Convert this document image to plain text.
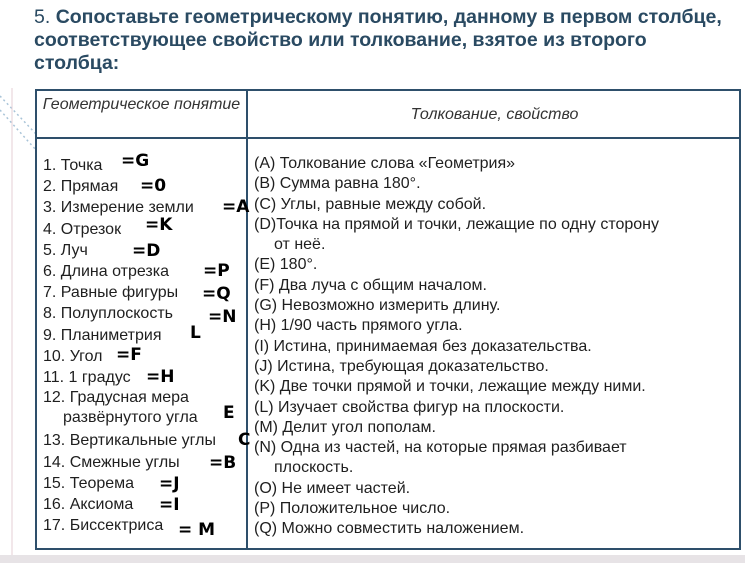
5. Сопоставьте геометрическому понятию, данному в первом столбце, соответствующее свойство или толкование, взятое из второго столбца:
Геометрическое понятие
Толкование, свойство
1. Точка
2. Прямая
3. Измерение земли
4. Отрезок
5. Луч
6. Длина отрезка
7. Равные фигуры
8. Полуплоскость
9. Планиметрия
10. Угол
11. 1 градус
12. Градусная мера
развёрнутого угла
13. Вертикальные углы
14. Смежные углы
15. Теорема
16. Аксиома
17. Биссектриса
(A) Толкование слова «Геометрия»
(B) Сумма равна 180°.
(C) Углы, равные между собой.
(D)Точка на прямой и точки, лежащие по одну сторону
от неё.
(E) 180°.
(F) Два луча с общим началом.
(G) Невозможно измерить длину.
(H) 1/90 часть прямого угла.
(I) Истина, принимаемая без доказательства.
(J) Истина, требующая доказательство.
(K) Две точки прямой и точки, лежащие между ними.
(L) Изучает свойства фигур на плоскости.
(M) Делит угол пополам.
(N) Одна из частей, на которые прямая разбивает
плоскость.
(O) Не имеет частей.
(P) Положительное число.
(Q) Можно совместить наложением.
=G
=0
=A
=K
=D
=P
=Q
=N
L
=F
=H
E
C
=B
=J
=I
= M
